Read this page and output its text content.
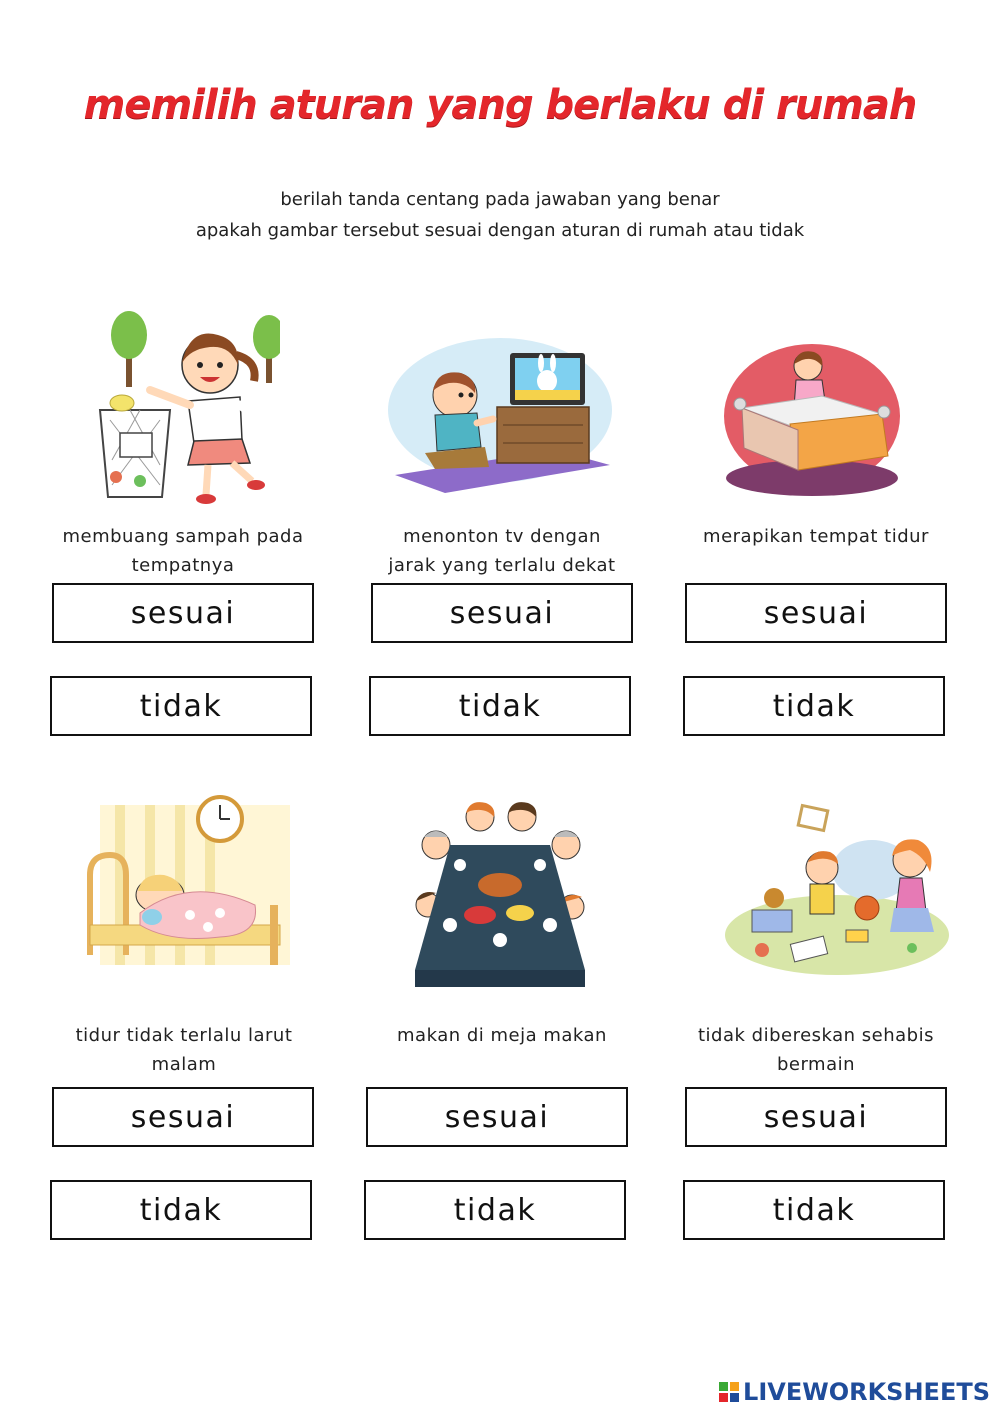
memilih aturan yang berlaku di rumah
berilah tanda centang pada jawaban yang benar
apakah gambar tersebut sesuai dengan aturan di rumah atau tidak
membuang sampah pada
tempatnya
sesuai
tidak
menonton tv dengan
jarak yang terlalu dekat
sesuai
tidak
merapikan tempat tidur
sesuai
tidak
tidur tidak terlalu larut
malam
sesuai
tidak
makan di meja makan
sesuai
tidak
tidak dibereskan sehabis
bermain
sesuai
tidak
LIVEWORKSHEETS
